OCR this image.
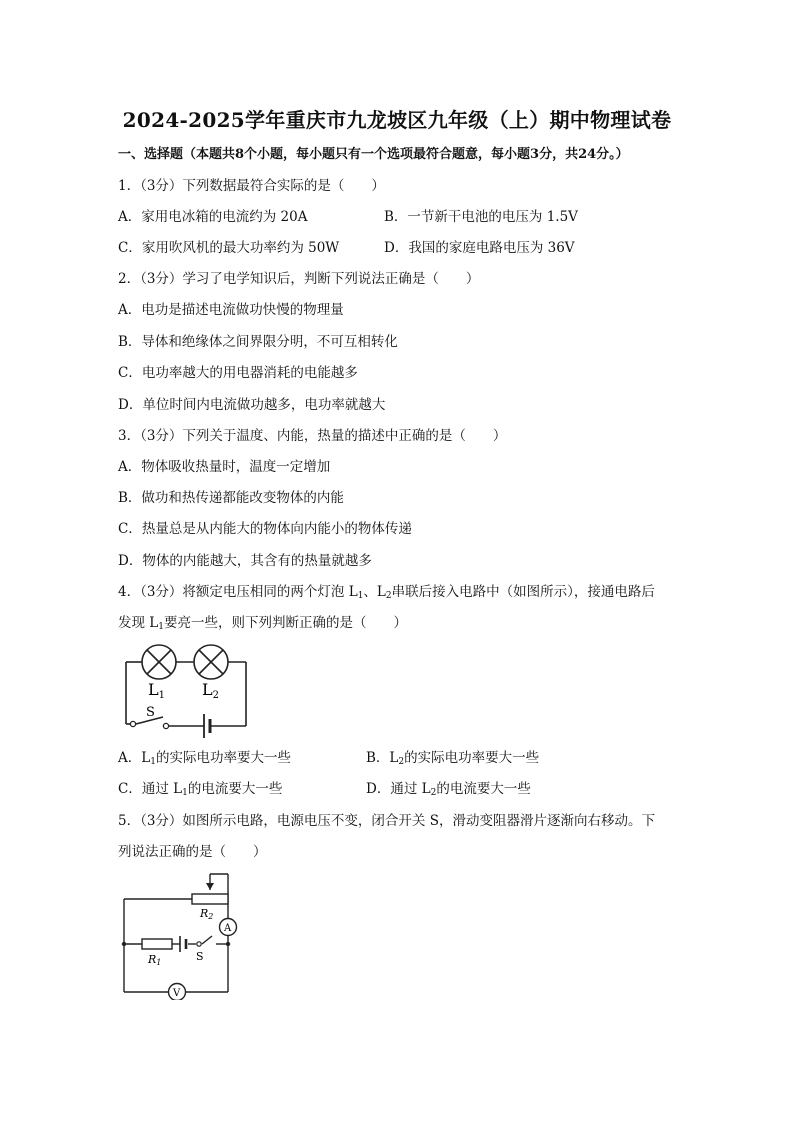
2024-2025学年重庆市九龙坡区九年级（上）期中物理试卷
一、选择题（本题共8个小题，每小题只有一个选项最符合题意，每小题3分，共24分。）
1．（3分）下列数据最符合实际的是（　　）
A．家用电冰箱的电流约为 20A	B．一节新干电池的电压为 1.5V
C．家用吹风机的最大功率约为 50W	D．我国的家庭电路电压为 36V
2．（3分）学习了电学知识后，判断下列说法正确是（　　）
A．电功是描述电流做功快慢的物理量
B．导体和绝缘体之间界限分明，不可互相转化
C．电功率越大的用电器消耗的电能越多
D．单位时间内电流做功越多，电功率就越大
3．（3分）下列关于温度、内能，热量的描述中正确的是（　　）
A．物体吸收热量时，温度一定增加
B．做功和热传递都能改变物体的内能
C．热量总是从内能大的物体向内能小的物体传递
D．物体的内能越大，其含有的热量就越多
4．（3分）将额定电压相同的两个灯泡 $L_1$、$L_2$串联后接入电路中（如图所示），接通电路后
发现 $L_1$要亮一些，则下列判断正确的是（　　）
L1 L2
S
A．$L_1$的实际电功率要大一些	B．$L_2$的实际电功率要大一些
C．通过 $L_1$的电流要大一些	D．通过 $L_2$的电流要大一些
5．（3分）如图所示电路，电源电压不变，闭合开关 S，滑动变阻器滑片逐渐向右移动。下
列说法正确的是（　　）
A
V
R2
R1	S
